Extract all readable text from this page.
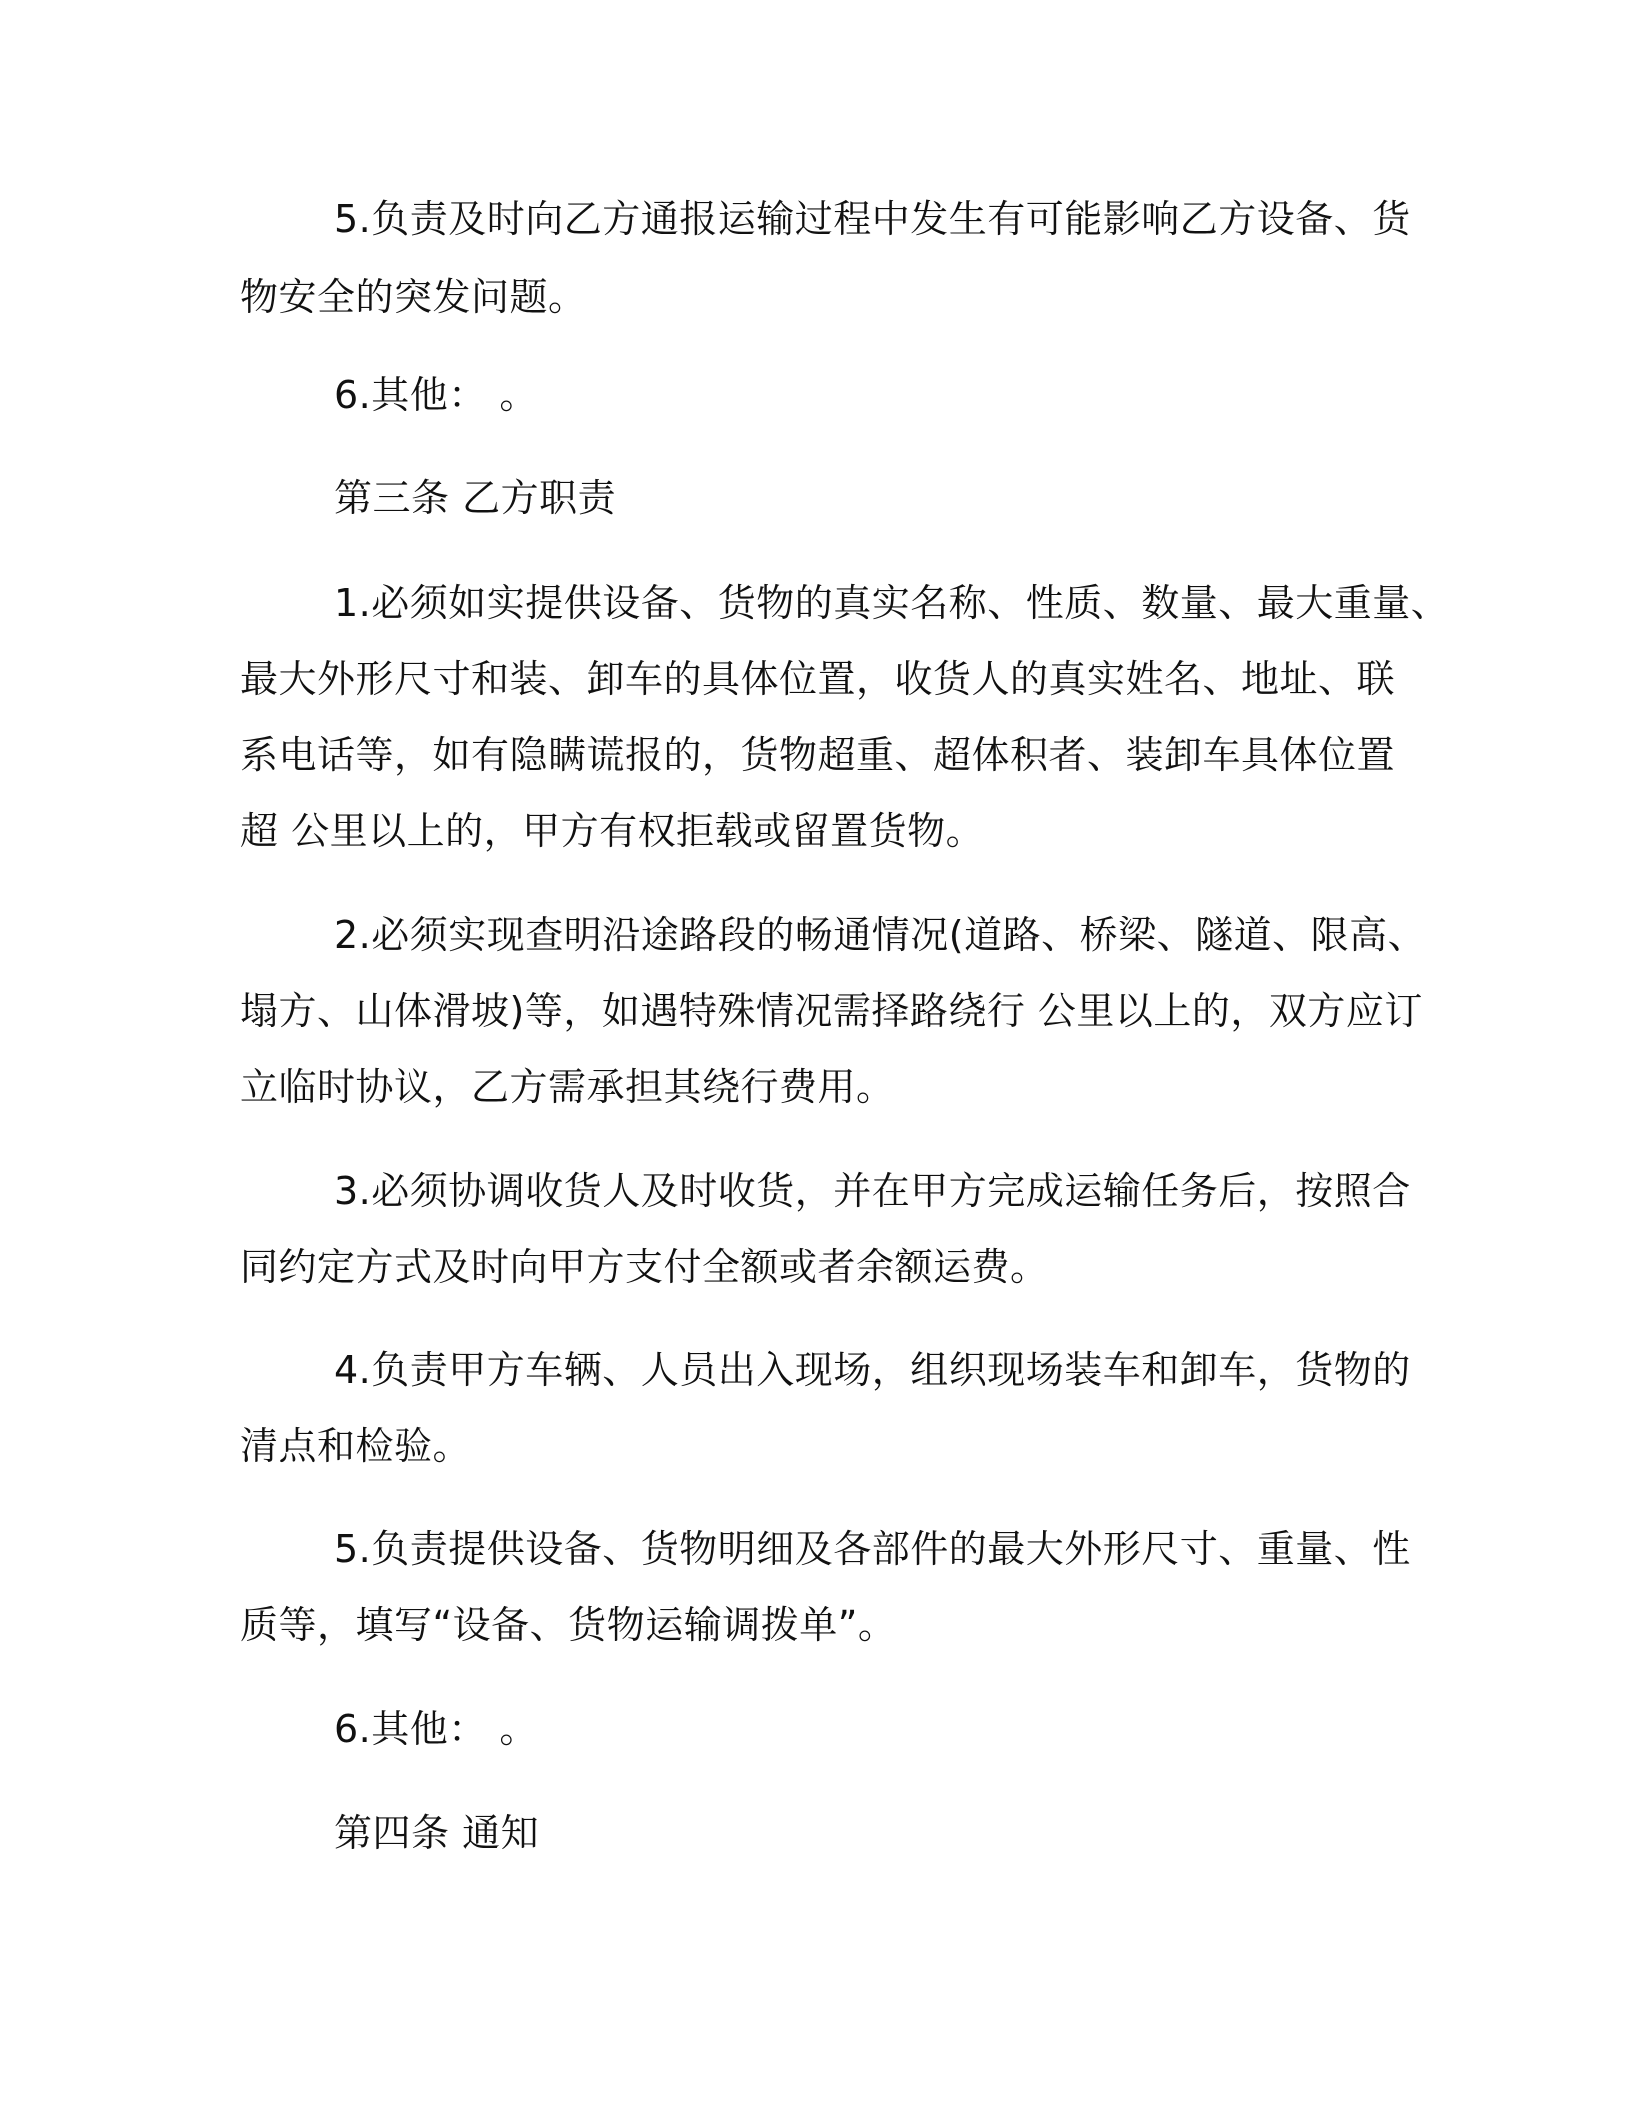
5.负责及时向乙方通报运输过程中发生有可能影响乙方设备、货
物安全的突发问题。
6.其他： 。
第三条 乙方职责
1.必须如实提供设备、货物的真实名称、性质、数量、最大重量、
最大外形尺寸和装、卸车的具体位置，收货人的真实姓名、地址、联
系电话等，如有隐瞒谎报的，货物超重、超体积者、装卸车具体位置
超 公里以上的，甲方有权拒载或留置货物。
2.必须实现查明沿途路段的畅通情况(道路、桥梁、隧道、限高、
塌方、山体滑坡)等，如遇特殊情况需择路绕行 公里以上的，双方应订
立临时协议，乙方需承担其绕行费用。
3.必须协调收货人及时收货，并在甲方完成运输任务后，按照合
同约定方式及时向甲方支付全额或者余额运费。
4.负责甲方车辆、人员出入现场，组织现场装车和卸车，货物的
清点和检验。
5.负责提供设备、货物明细及各部件的最大外形尺寸、重量、性
质等，填写“设备、货物运输调拨单”。
6.其他： 。
第四条 通知
